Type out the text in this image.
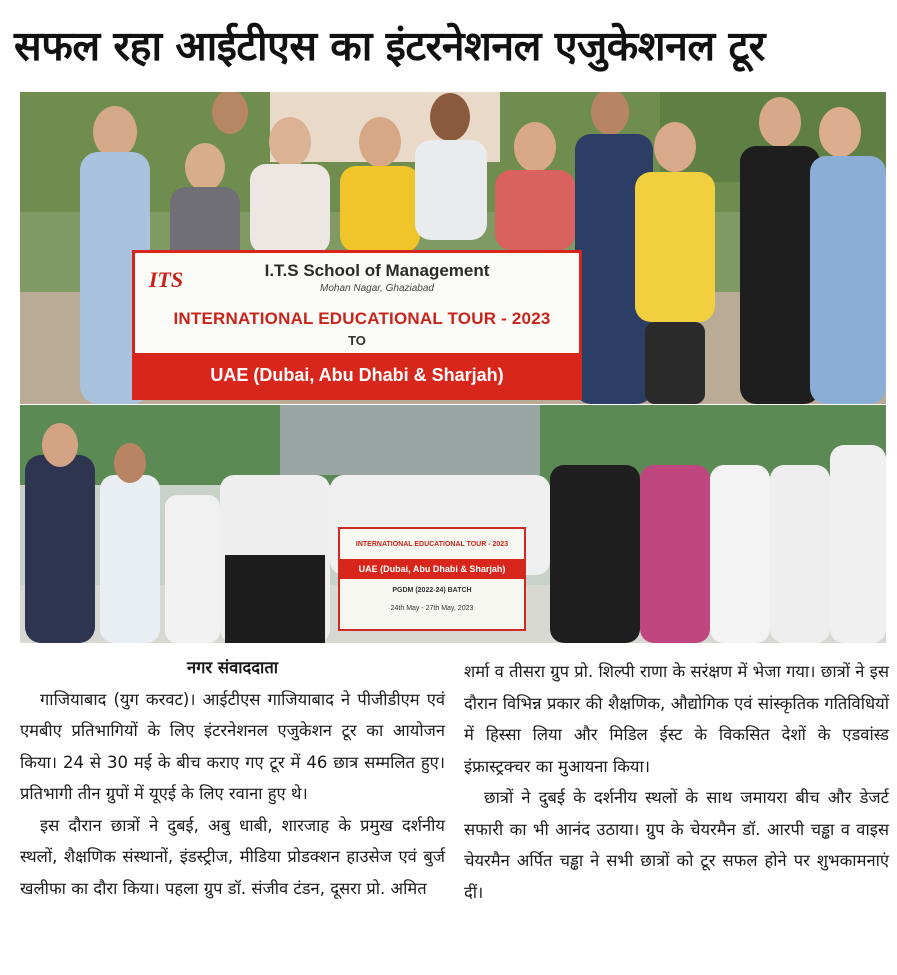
सफल रहा आईटीएस का इंटरनेशनल एजुकेशनल टूर
ITS	I.T.S School of Management
Mohan Nagar, Ghaziabad
INTERNATIONAL EDUCATIONAL TOUR - 2023
TO
UAE (Dubai, Abu Dhabi & Sharjah)
INTERNATIONAL EDUCATIONAL TOUR - 2023
UAE (Dubai, Abu Dhabi & Sharjah)
PGDM (2022-24) BATCH
24th May - 27th May, 2023
नगर संवाददाता

गाजियाबाद (युग करवट)। आईटीएस गाजियाबाद ने पीजीडीएम एवं एमबीए प्रतिभागियों के लिए इंटरनेशनल एजुकेशन टूर का आयोजन किया। 24 से 30 मई के बीच कराए गए टूर में 46 छात्र सम्मलित हुए। प्रतिभागी तीन ग्रुपों में यूएई के लिए रवाना हुए थे।

इस दौरान छात्रों ने दुबई, अबु धाबी, शारजाह के प्रमुख दर्शनीय स्थलों, शैक्षणिक संस्थानों, इंडस्ट्रीज, मीडिया प्रोडक्शन हाउसेज एवं बुर्ज खलीफा का दौरा किया। पहला ग्रुप डॉ. संजीव टंडन, दूसरा प्रो. अमित

शर्मा व तीसरा ग्रुप प्रो. शिल्पी राणा के सरंक्षण में भेजा गया। छात्रों ने इस दौरान विभिन्न प्रकार की शैक्षणिक, औद्योगिक एवं सांस्कृतिक गतिविधियों में हिस्सा लिया और मिडिल ईस्ट के विकसित देशों के एडवांस्ड इंफ्रास्ट्रक्चर का मुआयना किया।

छात्रों ने दुबई के दर्शनीय स्थलों के साथ जमायरा बीच और डेजर्ट सफारी का भी आनंद उठाया। ग्रुप के चेयरमैन डॉ. आरपी चड्ढा व वाइस चेयरमैन अर्पित चड्ढा ने सभी छात्रों को टूर सफल होने पर शुभकामनाएं दीं।
